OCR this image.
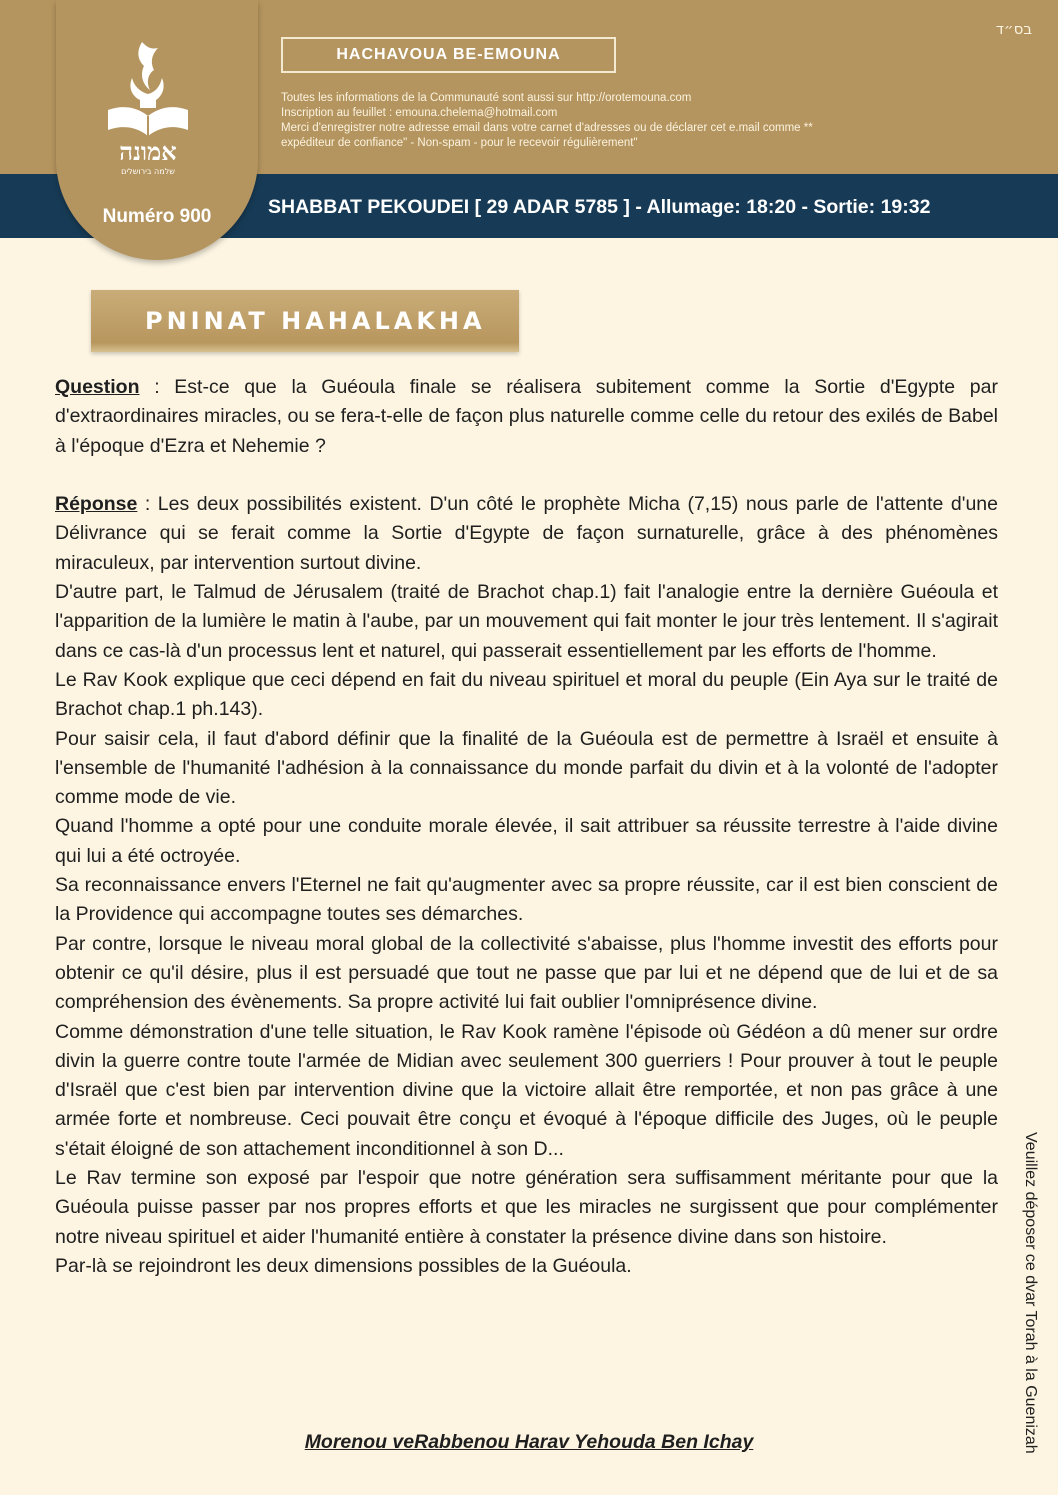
אמונה
שלמה בירושלים
Numéro 900
בס״ד
HACHAVOUA BE-EMOUNA
Toutes les informations de la Communauté sont aussi sur http://orotemouna.com
Inscription au feuillet : emouna.chelema@hotmail.com
Merci d'enregistrer notre adresse email dans votre carnet d'adresses ou de déclarer cet e.mail comme **
expéditeur de confiance" - Non-spam - pour le recevoir régulièrement"
SHABBAT PEKOUDEI [ 29 ADAR 5785 ] - Allumage: 18:20 - Sortie: 19:32
PNINAT HAHALAKHA

Question : Est-ce que la Guéoula finale se réalisera subitement comme la Sortie d'Egypte par d'extraordinaires miracles, ou se fera-t-elle de façon plus naturelle comme celle du retour des exilés de Babel à l'époque d'Ezra et Nehemie ?

Réponse : Les deux possibilités existent. D'un côté le prophète Micha (7,15) nous parle de l'attente d'une Délivrance qui se ferait comme la Sortie d'Egypte de façon surnaturelle, grâce à des phénomènes miraculeux, par intervention surtout divine.

D'autre part, le Talmud de Jérusalem (traité de Brachot chap.1) fait l'analogie entre la dernière Guéoula et l'apparition de la lumière le matin à l'aube, par un mouvement qui fait monter le jour très lentement. Il s'agirait dans ce cas-là d'un processus lent et naturel, qui passerait essentiellement par les efforts de l'homme.

Le Rav Kook explique que ceci dépend en fait du niveau spirituel et moral du peuple (Ein Aya sur le traité de Brachot chap.1 ph.143).

Pour saisir cela, il faut d'abord définir que la finalité de la Guéoula est de permettre à Israël et ensuite à l'ensemble de l'humanité l'adhésion à la connaissance du monde parfait du divin et à la volonté de l'adopter comme mode de vie.

Quand l'homme a opté pour une conduite morale élevée, il sait attribuer sa réussite terrestre à l'aide divine qui lui a été octroyée.

Sa reconnaissance envers l'Eternel ne fait qu'augmenter avec sa propre réussite, car il est bien conscient de la Providence qui accompagne toutes ses démarches.

Par contre, lorsque le niveau moral global de la collectivité s'abaisse, plus l'homme investit des efforts pour obtenir ce qu'il désire, plus il est persuadé que tout ne passe que par lui et ne dépend que de lui et de sa compréhension des évènements. Sa propre activité lui fait oublier l'omniprésence divine.

Comme démonstration d'une telle situation, le Rav Kook ramène l'épisode où Gédéon a dû mener sur ordre divin la guerre contre toute l'armée de Midian avec seulement 300 guerriers ! Pour prouver à tout le peuple d'Israël que c'est bien par intervention divine que la victoire allait être remportée, et non pas grâce à une armée forte et nombreuse. Ceci pouvait être conçu et évoqué à l'époque difficile des Juges, où le peuple s'était éloigné de son attachement inconditionnel à son D...

Le Rav termine son exposé par l'espoir que notre génération sera suffisamment méritante pour que la Guéoula puisse passer par nos propres efforts et que les miracles ne surgissent que pour complémenter notre niveau spirituel et aider l'humanité entière à constater la présence divine dans son histoire.

Par-là se rejoindront les deux dimensions possibles de la Guéoula.

Morenou veRabbenou Harav Yehouda Ben Ichay	Veuillez déposer ce dvar Torah à la Guenizah
